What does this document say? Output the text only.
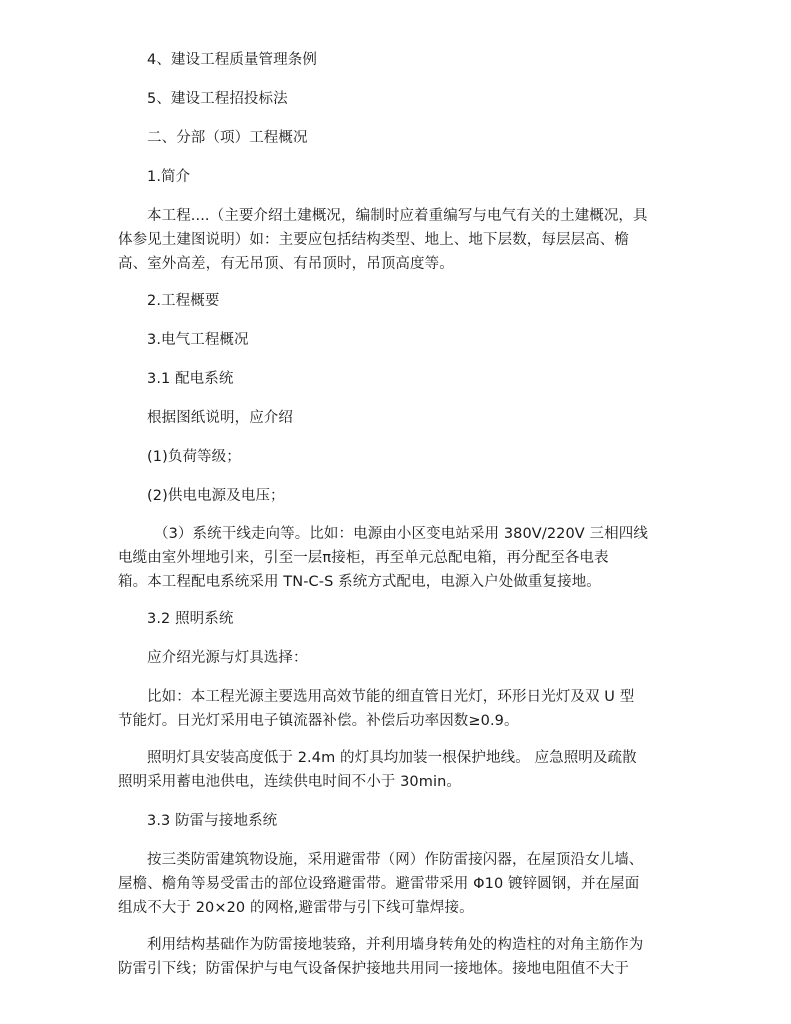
4、建设工程质量管理条例
5、建设工程招投标法
二、分部（项）工程概况
1.简介
本工程....（主要介绍土建概况，编制时应着重编写与电气有关的土建概况，具
体参见土建图说明）如：主要应包括结构类型、地上、地下层数，每层层高、檐
高、室外高差，有无吊顶、有吊顶时，吊顶高度等。
2.工程概要
3.电气工程概况
3.1 配电系统
根据图纸说明，应介绍
(1)负荷等级；
(2)供电电源及电压；
（3）系统干线走向等。比如：电源由小区变电站采用 380V/220V 三相四线
电缆由室外埋地引来，引至一层π接柜，再至单元总配电箱，再分配至各电表
箱。本工程配电系统采用 TN-C-S 系统方式配电，电源入户处做重复接地。
3.2 照明系统
应介绍光源与灯具选择：
比如：本工程光源主要选用高效节能的细直管日光灯，环形日光灯及双 U 型
节能灯。日光灯采用电子镇流器补偿。补偿后功率因数≥0.9。
照明灯具安装高度低于 2.4m 的灯具均加装一根保护地线。 应急照明及疏散
照明采用蓄电池供电，连续供电时间不小于 30min。
3.3 防雷与接地系统
按三类防雷建筑物设施，采用避雷带（网）作防雷接闪器，在屋顶沿女儿墙、
屋檐、檐角等易受雷击的部位设臵避雷带。避雷带采用 Φ10 镀锌圆钢，并在屋面
组成不大于 20×20 的网格,避雷带与引下线可靠焊接。
利用结构基础作为防雷接地装臵，并利用墙身转角处的构造柱的对角主筋作为
防雷引下线；防雷保护与电气设备保护接地共用同一接地体。接地电阻值不大于
